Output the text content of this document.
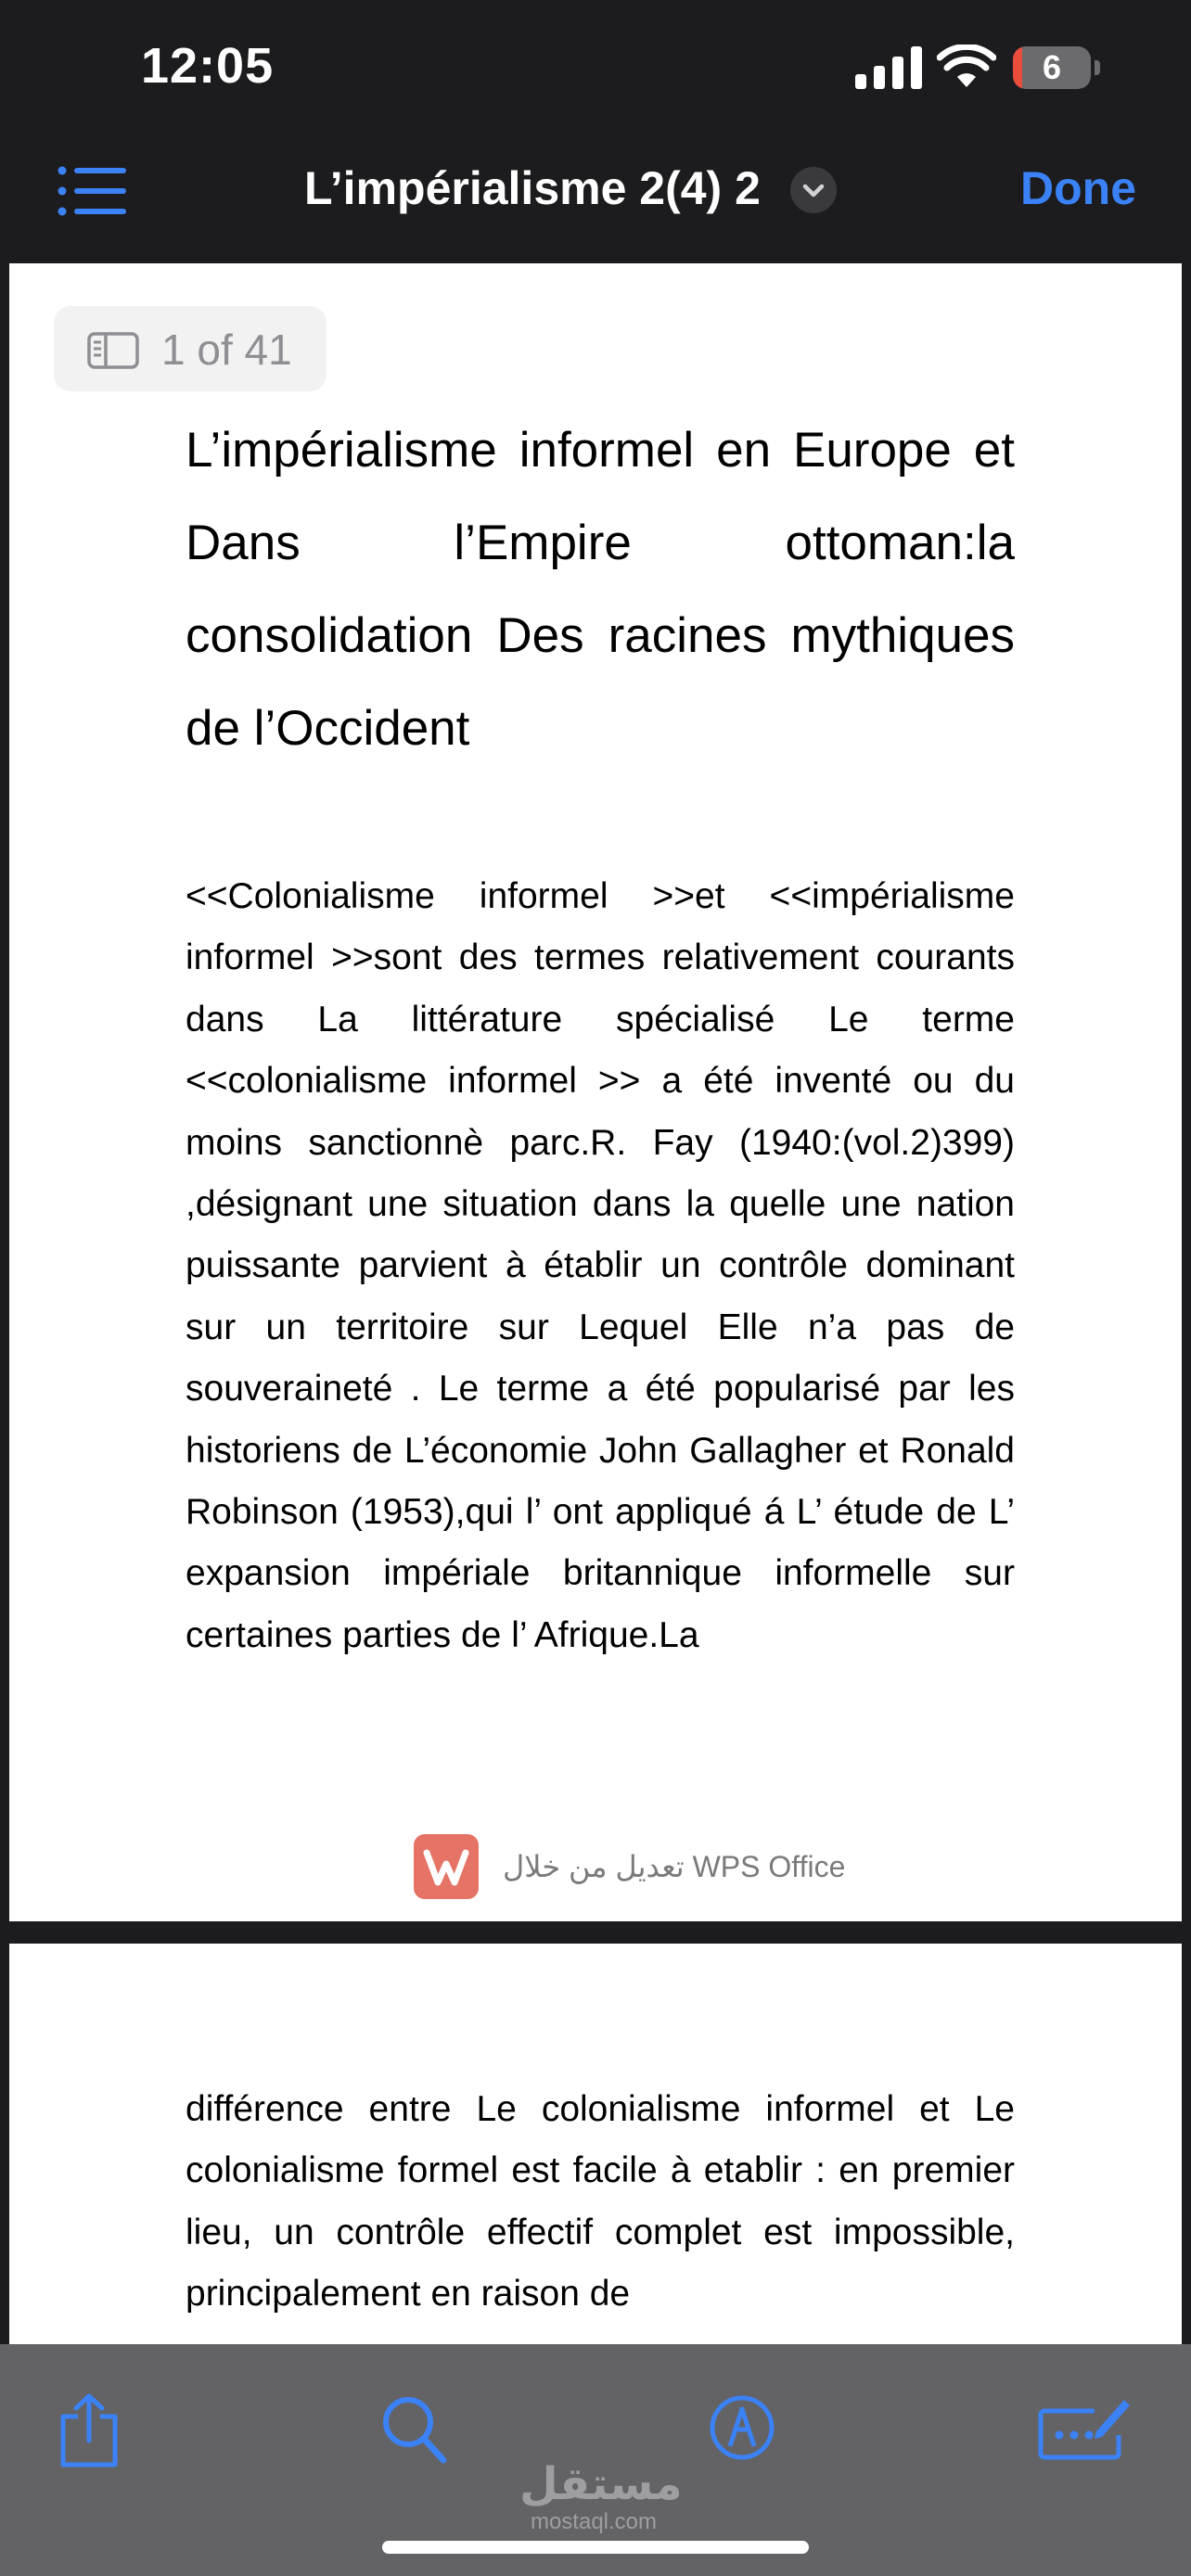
12:05	6
L’impérialisme 2(4) 2	Done
1 of 41
L’impérialisme informel en Europe et Dans l’Empire ottoman:la consolidation Des racines mythiques de l’Occident
<<Colonialisme informel >>et <<impérialisme informel >>sont des termes relativement courants dans La littérature spécialisé Le terme <<colonialisme informel >> a été inventé ou du moins sanctionnè parc.R. Fay (1940:(vol.2)399) ,désignant une situation dans la quelle une nation puissante parvient à établir un contrôle dominant sur un territoire sur Lequel Elle n’a pas de souveraineté . Le terme a été popularisé par les historiens de L’économie John Gallagher et Ronald Robinson (1953),qui l’ ont appliqué á L’ étude de L’ expansion impériale britannique informelle sur certaines parties de l’ Afrique.La
تعديل من خلال WPS Office
différence entre Le colonialisme informel et Le colonialisme formel est facile à etablir : en premier lieu, un contrôle effectif complet est impossible, principalement en raison de
مستقل
mostaql.com
